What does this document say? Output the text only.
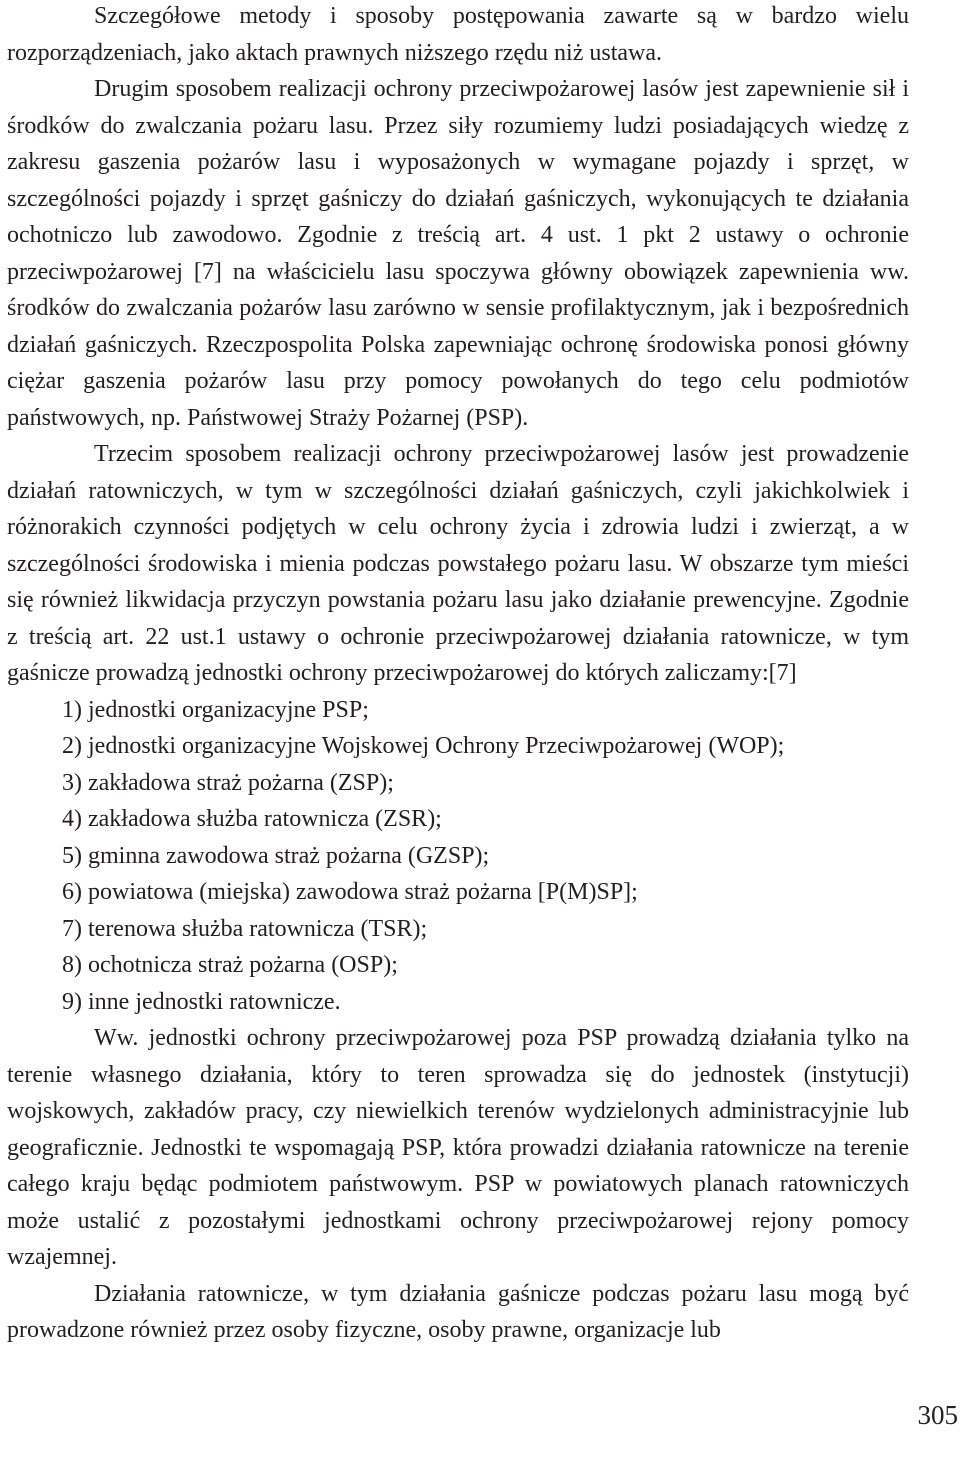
Szczegółowe metody i sposoby postępowania zawarte są w bardzo wielu rozporządzeniach, jako aktach prawnych niższego rzędu niż ustawa.

Drugim sposobem realizacji ochrony przeciwpożarowej lasów jest zapewnienie sił i środków do zwalczania pożaru lasu. Przez siły rozumiemy ludzi posiadających wiedzę z zakresu gaszenia pożarów lasu i wyposażonych w wymagane pojazdy i sprzęt, w szczególności pojazdy i sprzęt gaśniczy do działań gaśniczych, wykonujących te działania ochotniczo lub zawodowo. Zgodnie z treścią art. 4 ust. 1 pkt 2 ustawy o ochronie przeciwpożarowej [7] na właścicielu lasu spoczywa główny obowiązek zapewnienia ww. środków do zwalczania pożarów lasu zarówno w sensie profilaktycznym, jak i bezpośrednich działań gaśniczych. Rzeczpospolita Polska zapewniając ochronę środowiska ponosi główny ciężar gaszenia pożarów lasu przy pomocy powołanych do tego celu podmiotów państwowych, np. Państwowej Straży Pożarnej (PSP).

Trzecim sposobem realizacji ochrony przeciwpożarowej lasów jest prowadzenie działań ratowniczych, w tym w szczególności działań gaśniczych, czyli jakichkolwiek i różnorakich czynności podjętych w celu ochrony życia i zdrowia ludzi i zwierząt, a w szczególności środowiska i mienia podczas powstałego pożaru lasu. W obszarze tym mieści się również likwidacja przyczyn powstania pożaru lasu jako działanie prewencyjne. Zgodnie z treścią art. 22 ust.1 ustawy o ochronie przeciwpożarowej działania ratownicze, w tym gaśnicze prowadzą jednostki ochrony przeciwpożarowej do których zaliczamy:[7]

1) jednostki organizacyjne PSP;
2) jednostki organizacyjne Wojskowej Ochrony Przeciwpożarowej (WOP);
3) zakładowa straż pożarna (ZSP);
4) zakładowa służba ratownicza (ZSR);
5) gminna zawodowa straż pożarna (GZSP);
6) powiatowa (miejska) zawodowa straż pożarna [P(M)SP];
7) terenowa służba ratownicza (TSR);
8) ochotnicza straż pożarna (OSP);
9) inne jednostki ratownicze.

Ww. jednostki ochrony przeciwpożarowej poza PSP prowadzą działania tylko na terenie własnego działania, który to teren sprowadza się do jednostek (instytucji) wojskowych, zakładów pracy, czy niewielkich terenów wydzielonych administracyjnie lub geograficznie. Jednostki te wspomagają PSP, która prowadzi działania ratownicze na terenie całego kraju będąc podmiotem państwowym. PSP w powiatowych planach ratowniczych może ustalić z pozostałymi jednostkami ochrony przeciwpożarowej rejony pomocy wzajemnej.

Działania ratownicze, w tym działania gaśnicze podczas pożaru lasu mogą być prowadzone również przez osoby fizyczne, osoby prawne, organizacje lub

305
